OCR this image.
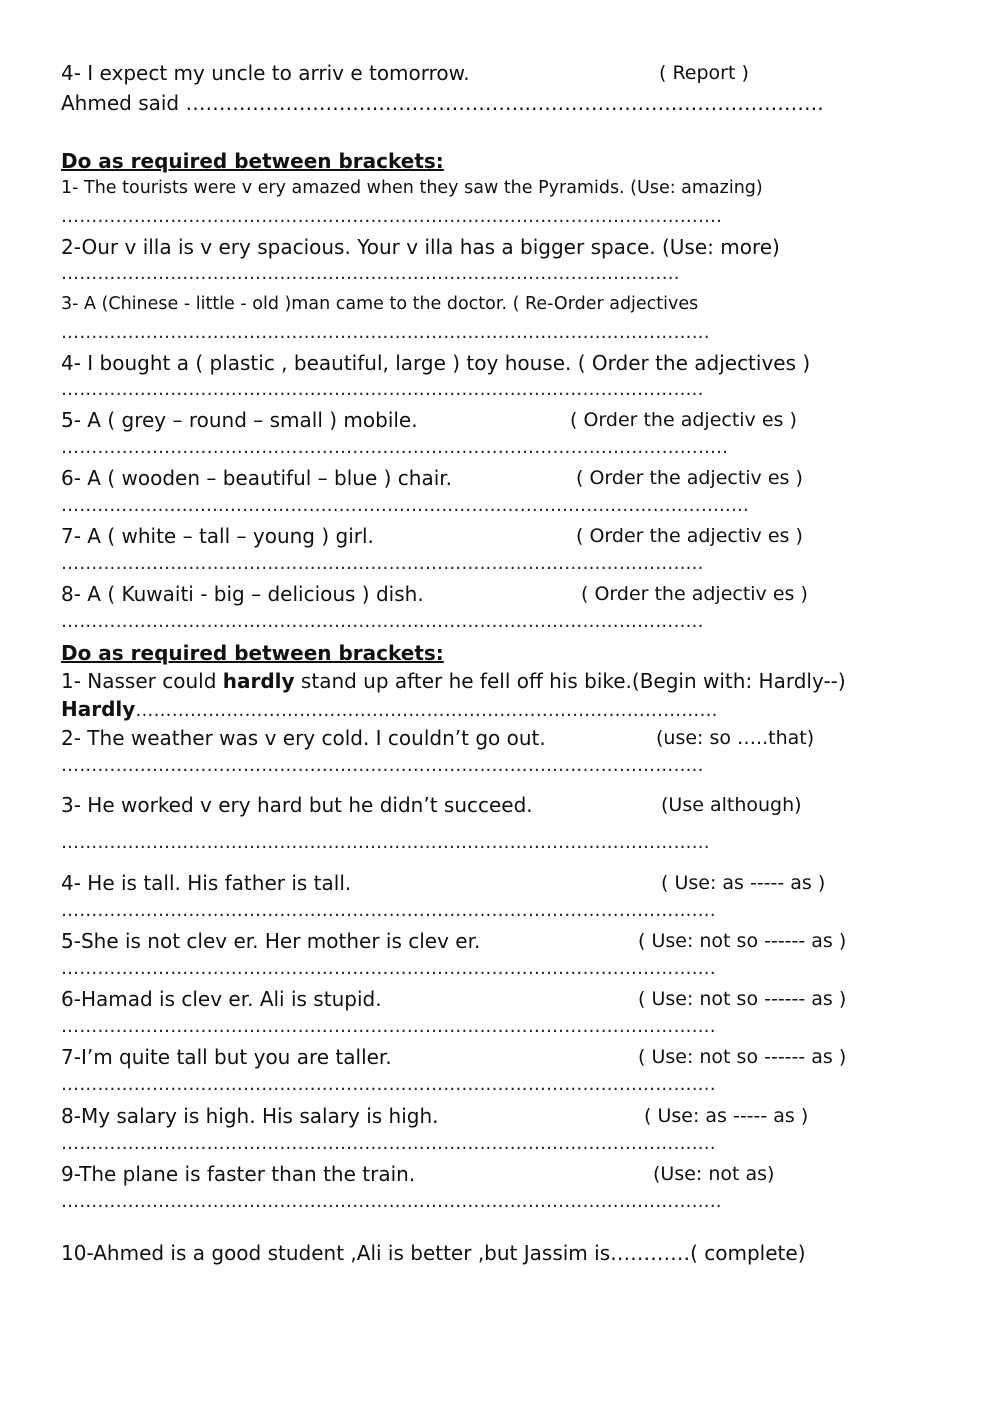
4- I expect my uncle to arriv e tomorrow.	( Report )
Ahmed said ………………………..…………………..………………….………………….
Do as required between brackets:
1- The tourists were v ery amazed when they saw the Pyramids. (Use: amazing)
……………………………………………………………………………………………….
2-Our v illa is v ery spacious. Your v illa has a bigger space. (Use: more)
…………………………………………………………………………………………
3- A (Chinese - little - old )man came to the doctor. ( Re-Order adjectives
……………………………………………………………………………..………………
4- I bought a ( plastic , beautiful, large ) toy house. ( Order the adjectives )
……………………………………………………………..……………………………..
5- A ( grey – round – small ) mobile.	( Order the adjectiv es )
………………………………………………………………………………………………..
6- A ( wooden – beautiful – blue ) chair.	( Order the adjectiv es )
……..……..………..……..………..……..………..……..………..……..………..……..…
7- A ( white – tall – young ) girl.	( Order the adjectiv es )
……………………………………………………………..……………………………..
8- A ( Kuwaiti - big – delicious ) dish.	( Order the adjectiv es )
……………………………………………………………..……………………………..
Do as required between brackets:
1- Nasser could hardly stand up after he fell off his bike.(Begin with: Hardly--)
Hardly……………………………………………………………………………………
2- The weather was v ery cold. I couldn’t go out.	(use: so …..that)
……………………………………………………………..……………………………..
3- He worked v ery hard but he didn’t succeed.	(Use although)
…………………………………..…………………………………………………………
4- He is tall. His father is tall.	( Use: as ----- as )
……………………………………………………………..……………………………….
5-She is not clev er. Her mother is clev er.	( Use: not so ------ as )
……………………………………………………………..……………………………….
6-Hamad is clev er. Ali is stupid.	( Use: not so ------ as )
……………………………………………………………..……………………………….
7-I’m quite tall but you are taller.	( Use: not so ------ as )
……………………………………………………………..……………………………….
8-My salary is high. His salary is high.	( Use: as ----- as )
……………………………………………………………..……………………………….
9-The plane is faster than the train.	(Use: not as)
……………………………………………………………..………………………………..
10-Ahmed is a good student ,Ali is better ,but Jassim is…………( complete)
